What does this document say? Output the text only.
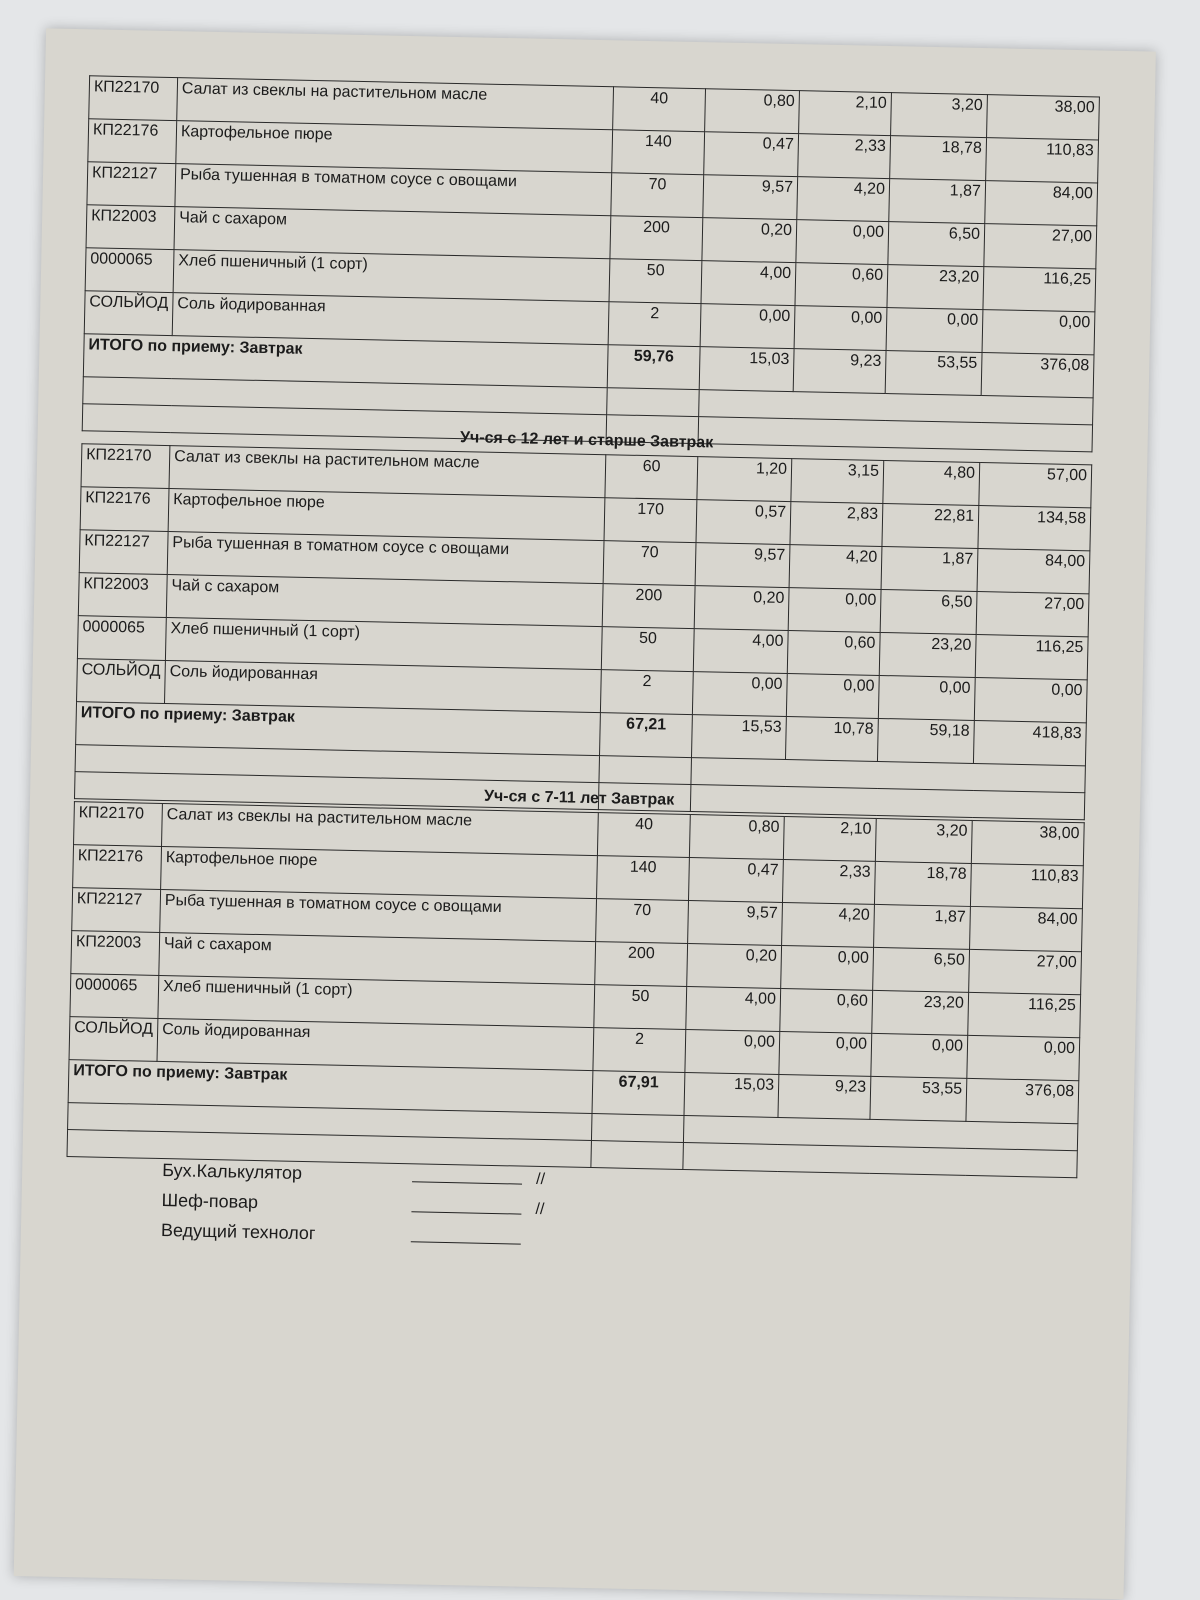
КП22170	Салат из свеклы на растительном масле	40	0,80	2,10	3,20	38,00
КП22176	Картофельное пюре	140	0,47	2,33	18,78	110,83
КП22127	Рыба тушенная в томатном соусе с овощами	70	9,57	4,20	1,87	84,00
КП22003	Чай с сахаром	200	0,20	0,00	6,50	27,00
0000065	Хлеб пшеничный (1 сорт)	50	4,00	0,60	23,20	116,25
СОЛЬЙОД	Соль йодированная	2	0,00	0,00	0,00	0,00
ИТОГО по приему: Завтрак		59,76	15,03	9,23	53,55	376,08

Уч-ся с 12 лет и старше Завтрак
КП22170	Салат из свеклы на растительном масле	60	1,20	3,15	4,80	57,00
КП22176	Картофельное пюре	170	0,57	2,83	22,81	134,58
КП22127	Рыба тушенная в томатном соусе с овощами	70	9,57	4,20	1,87	84,00
КП22003	Чай с сахаром	200	0,20	0,00	6,50	27,00
0000065	Хлеб пшеничный (1 сорт)	50	4,00	0,60	23,20	116,25
СОЛЬЙОД	Соль йодированная	2	0,00	0,00	0,00	0,00
ИТОГО по приему: Завтрак		67,21	15,53	10,78	59,18	418,83

Уч-ся с 7-11 лет Завтрак
КП22170	Салат из свеклы на растительном масле	40	0,80	2,10	3,20	38,00
КП22176	Картофельное пюре	140	0,47	2,33	18,78	110,83
КП22127	Рыба тушенная в томатном соусе с овощами	70	9,57	4,20	1,87	84,00
КП22003	Чай с сахаром	200	0,20	0,00	6,50	27,00
0000065	Хлеб пшеничный (1 сорт)	50	4,00	0,60	23,20	116,25
СОЛЬЙОД	Соль йодированная	2	0,00	0,00	0,00	0,00
ИТОГО по приему: Завтрак		67,91	15,03	9,23	53,55	376,08

Бух.Калькулятор	//
Шеф-повар	//
Ведущий технолог
